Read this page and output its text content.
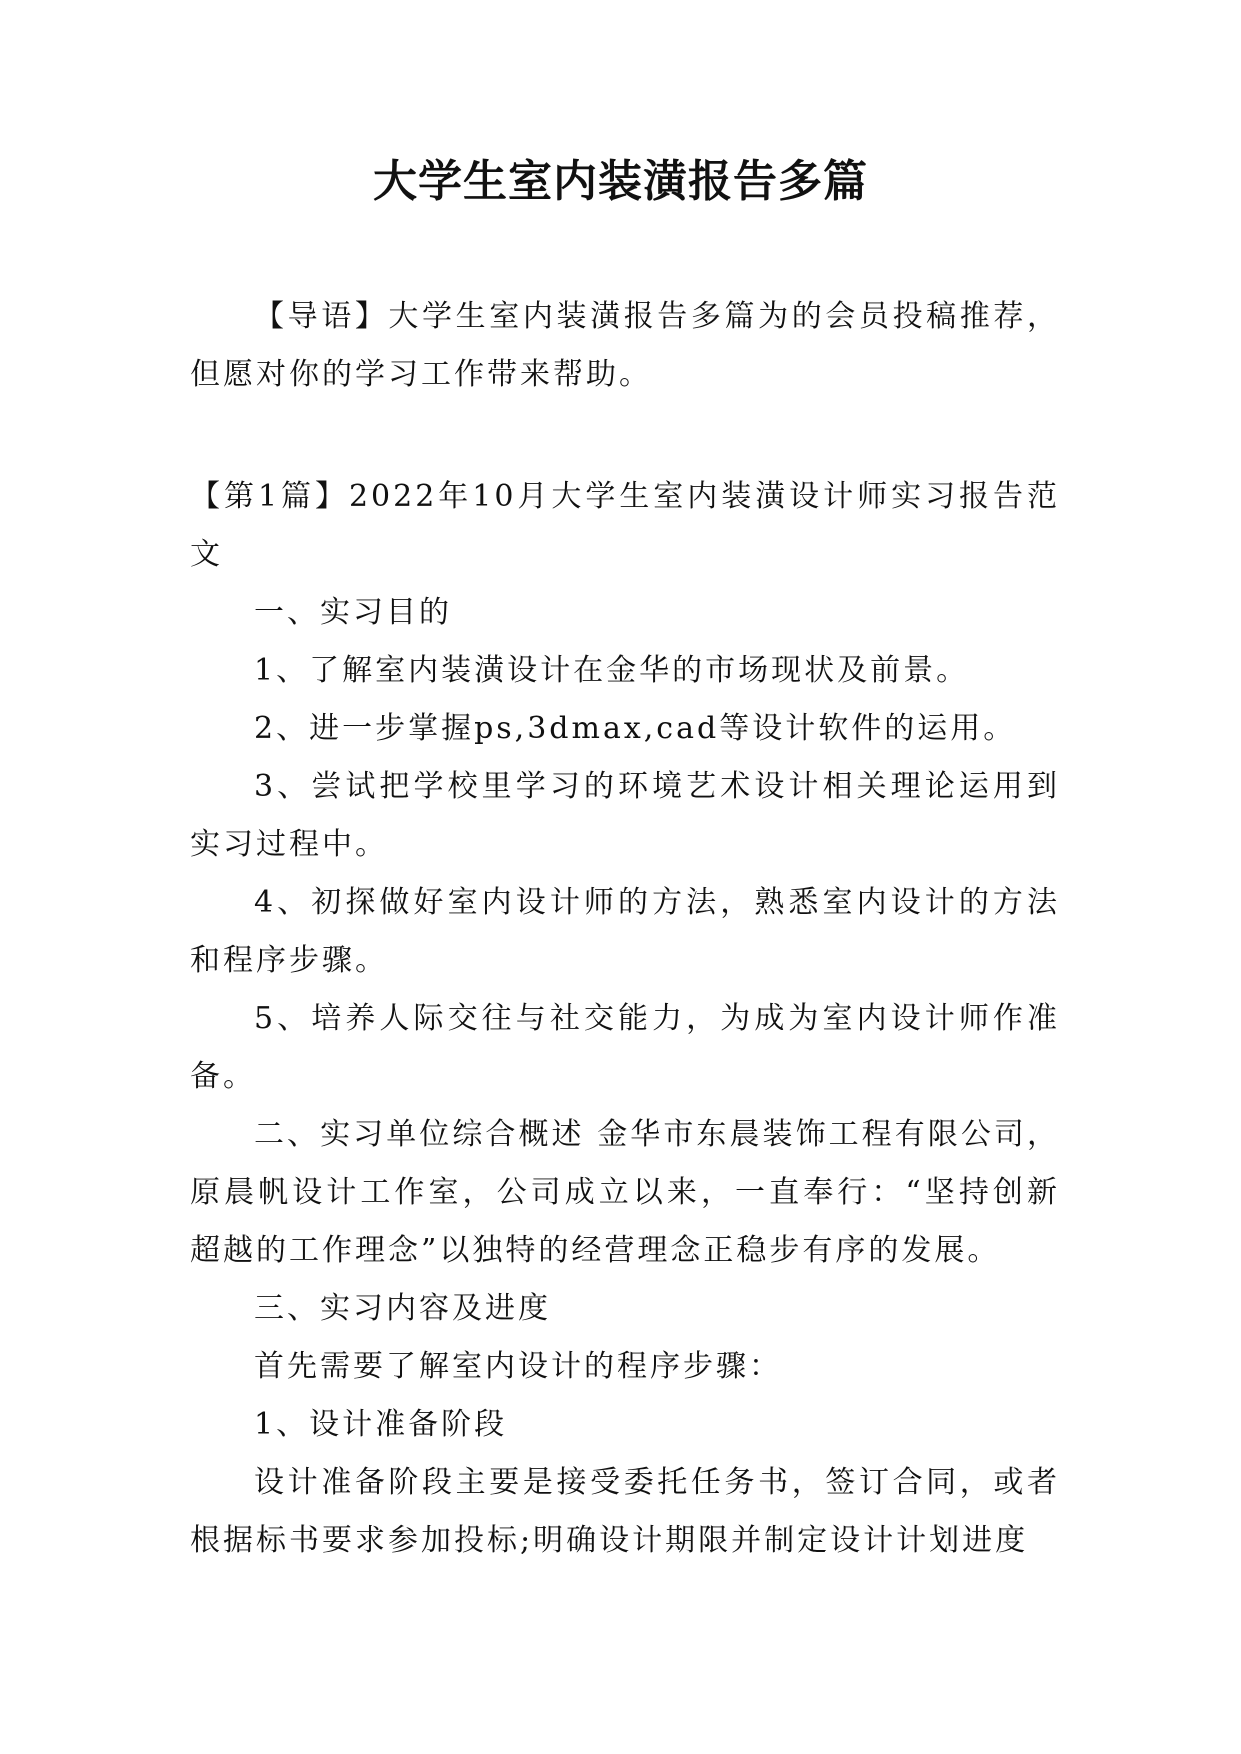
大学生室内装潢报告多篇

【导语】大学生室内装潢报告多篇为的会员投稿推荐，但愿对你的学习工作带来帮助。

【第1篇】2022年10月大学生室内装潢设计师实习报告范文

一、实习目的

1、了解室内装潢设计在金华的市场现状及前景。

2、进一步掌握ps,3dmax,cad等设计软件的运用。

3、尝试把学校里学习的环境艺术设计相关理论运用到实习过程中。

4、初探做好室内设计师的方法，熟悉室内设计的方法和程序步骤。

5、培养人际交往与社交能力，为成为室内设计师作准备。

二、实习单位综合概述 金华市东晨装饰工程有限公司，原晨帆设计工作室，公司成立以来，一直奉行：“坚持创新超越的工作理念”以独特的经营理念正稳步有序的发展。

三、实习内容及进度

首先需要了解室内设计的程序步骤：

1、设计准备阶段

设计准备阶段主要是接受委托任务书，签订合同，或者根据标书要求参加投标;明确设计期限并制定设计计划进度
